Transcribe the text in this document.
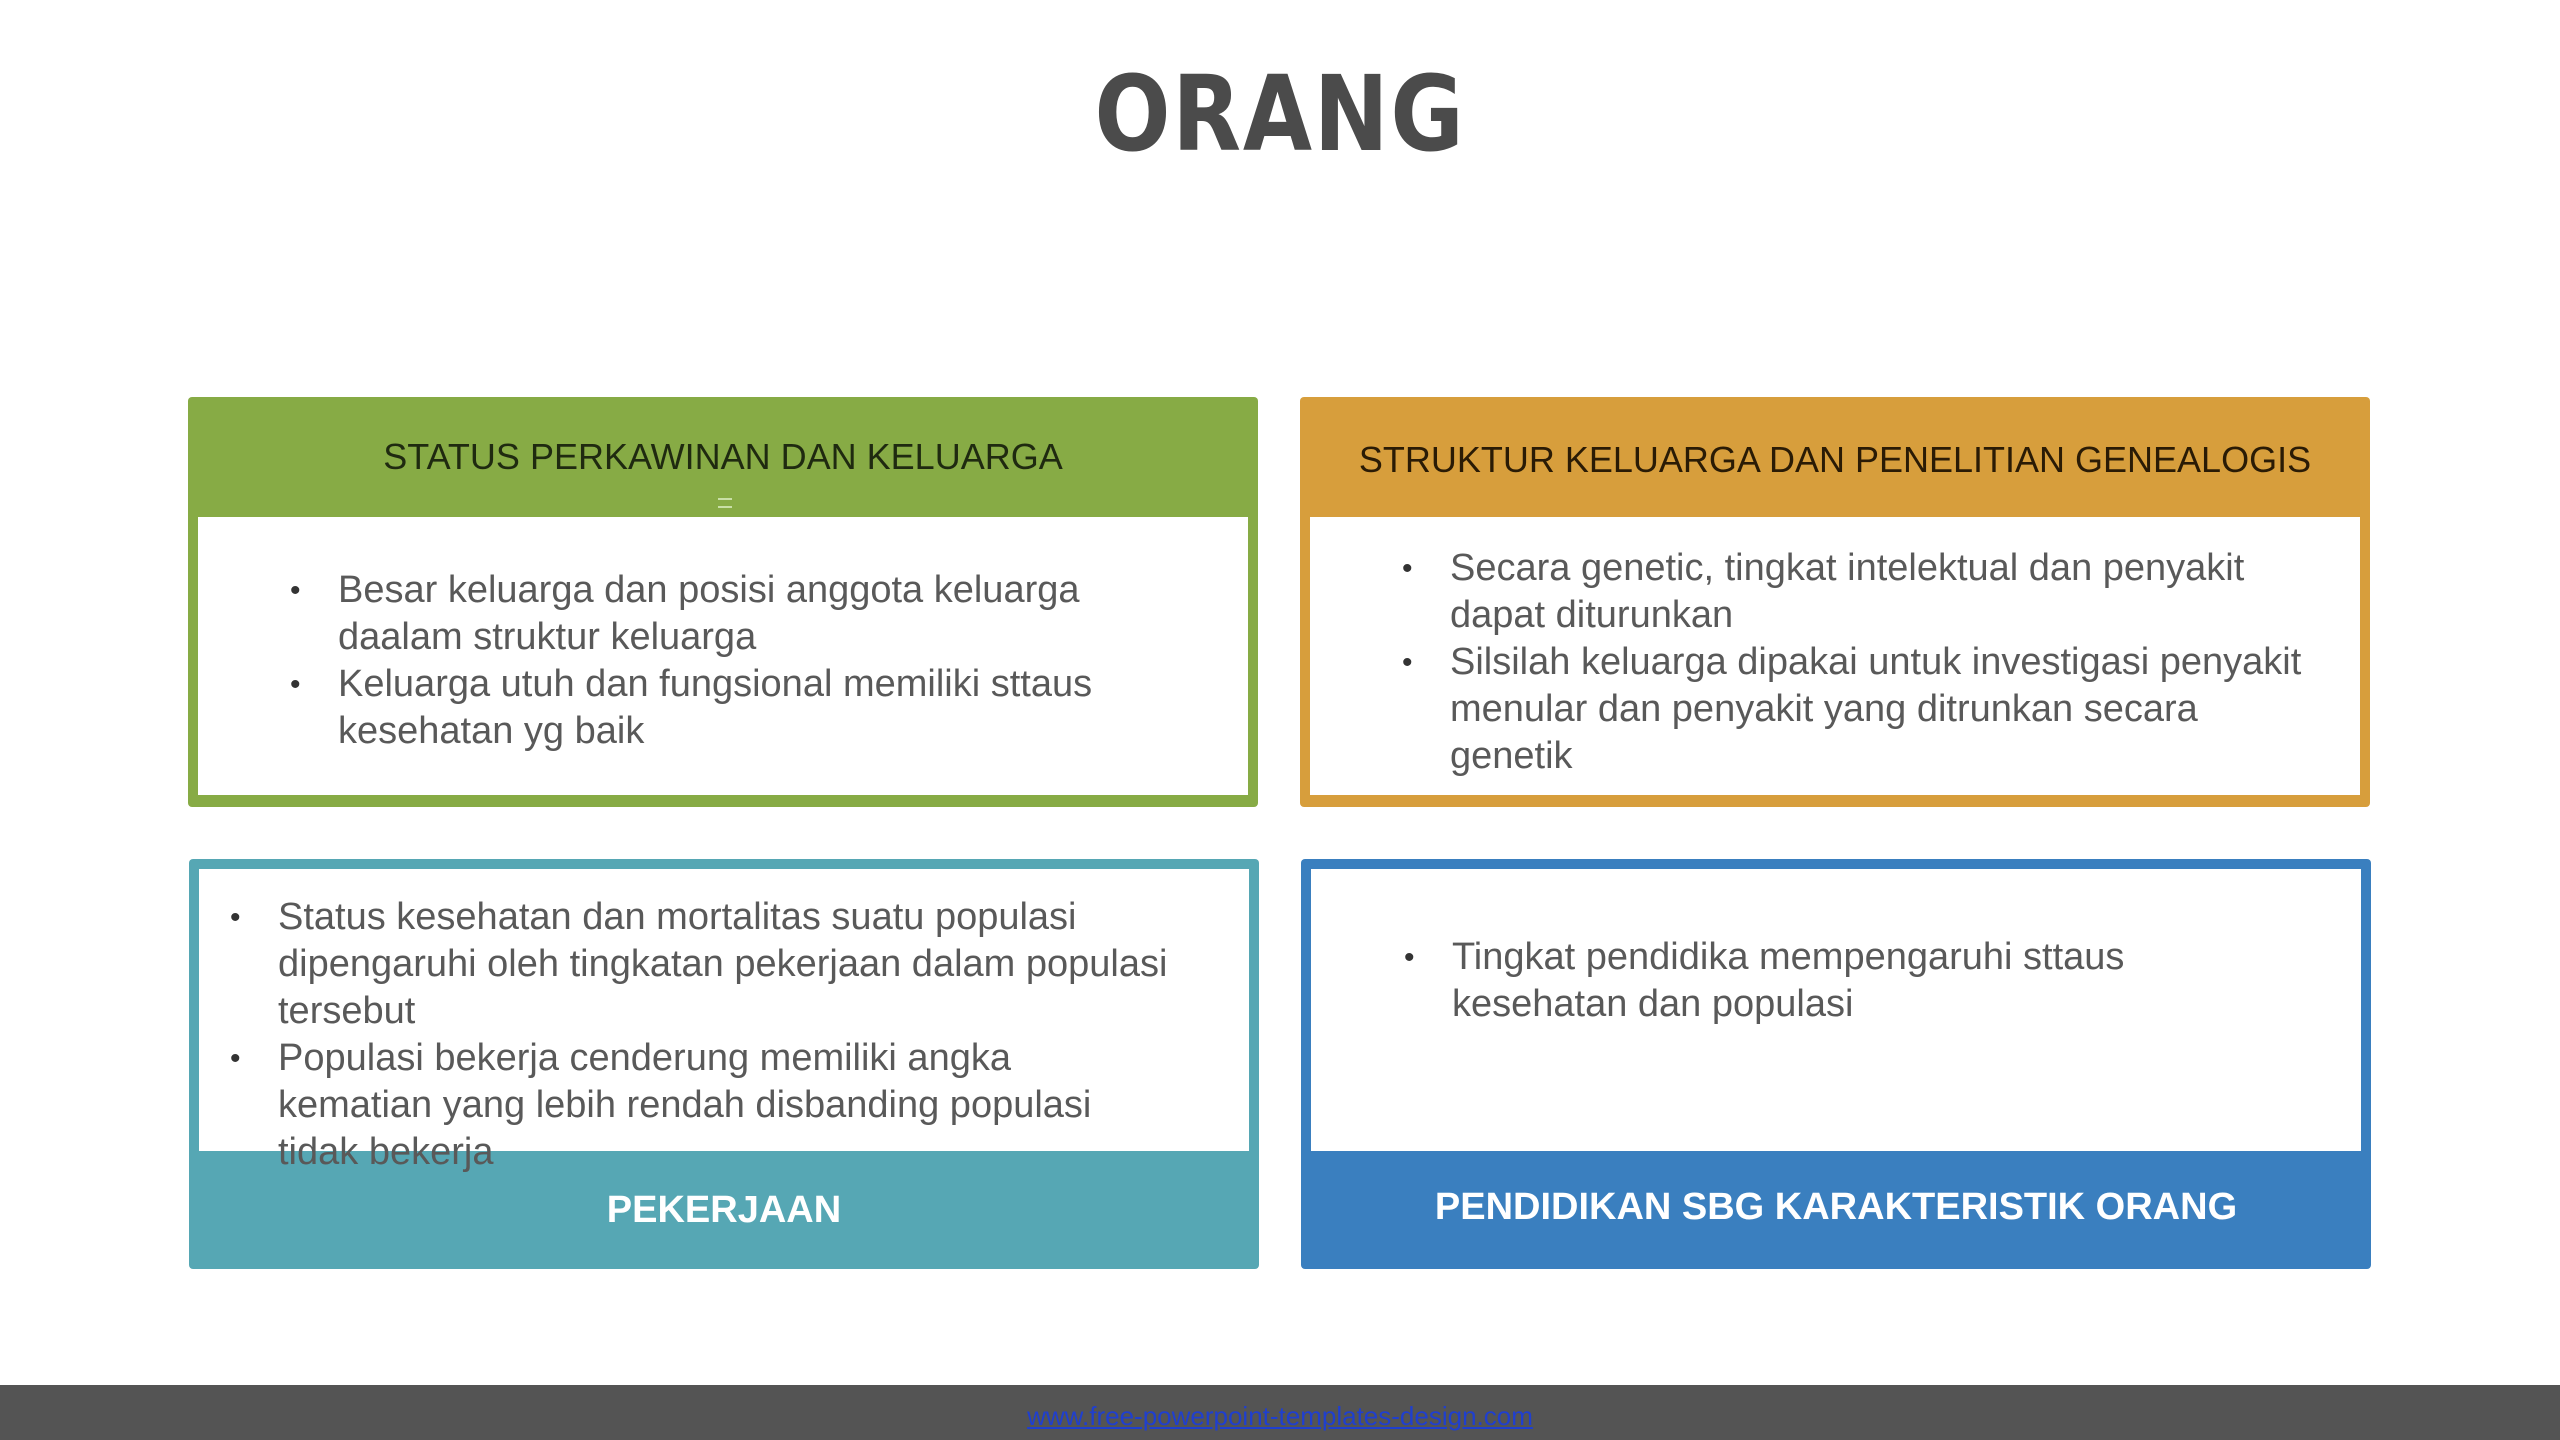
ORANG
STATUS PERKAWINAN DAN KELUARGA
• Besar keluarga dan posisi anggota keluarga daalam struktur keluarga
• Keluarga utuh dan fungsional memiliki sttaus kesehatan yg baik
STRUKTUR KELUARGA DAN PENELITIAN GENEALOGIS
• Secara genetic, tingkat intelektual dan penyakit dapat diturunkan
• Silsilah keluarga dipakai untuk investigasi penyakit menular dan penyakit yang ditrunkan secara genetik
• Status kesehatan dan mortalitas suatu populasi dipengaruhi oleh tingkatan pekerjaan dalam populasi tersebut
• Populasi bekerja cenderung memiliki angka kematian yang lebih rendah disbanding populasi tidak bekerja
PEKERJAAN
• Tingkat pendidika mempengaruhi sttaus kesehatan dan populasi
PENDIDIKAN SBG KARAKTERISTIK ORANG
www.free-powerpoint-templates-design.com
